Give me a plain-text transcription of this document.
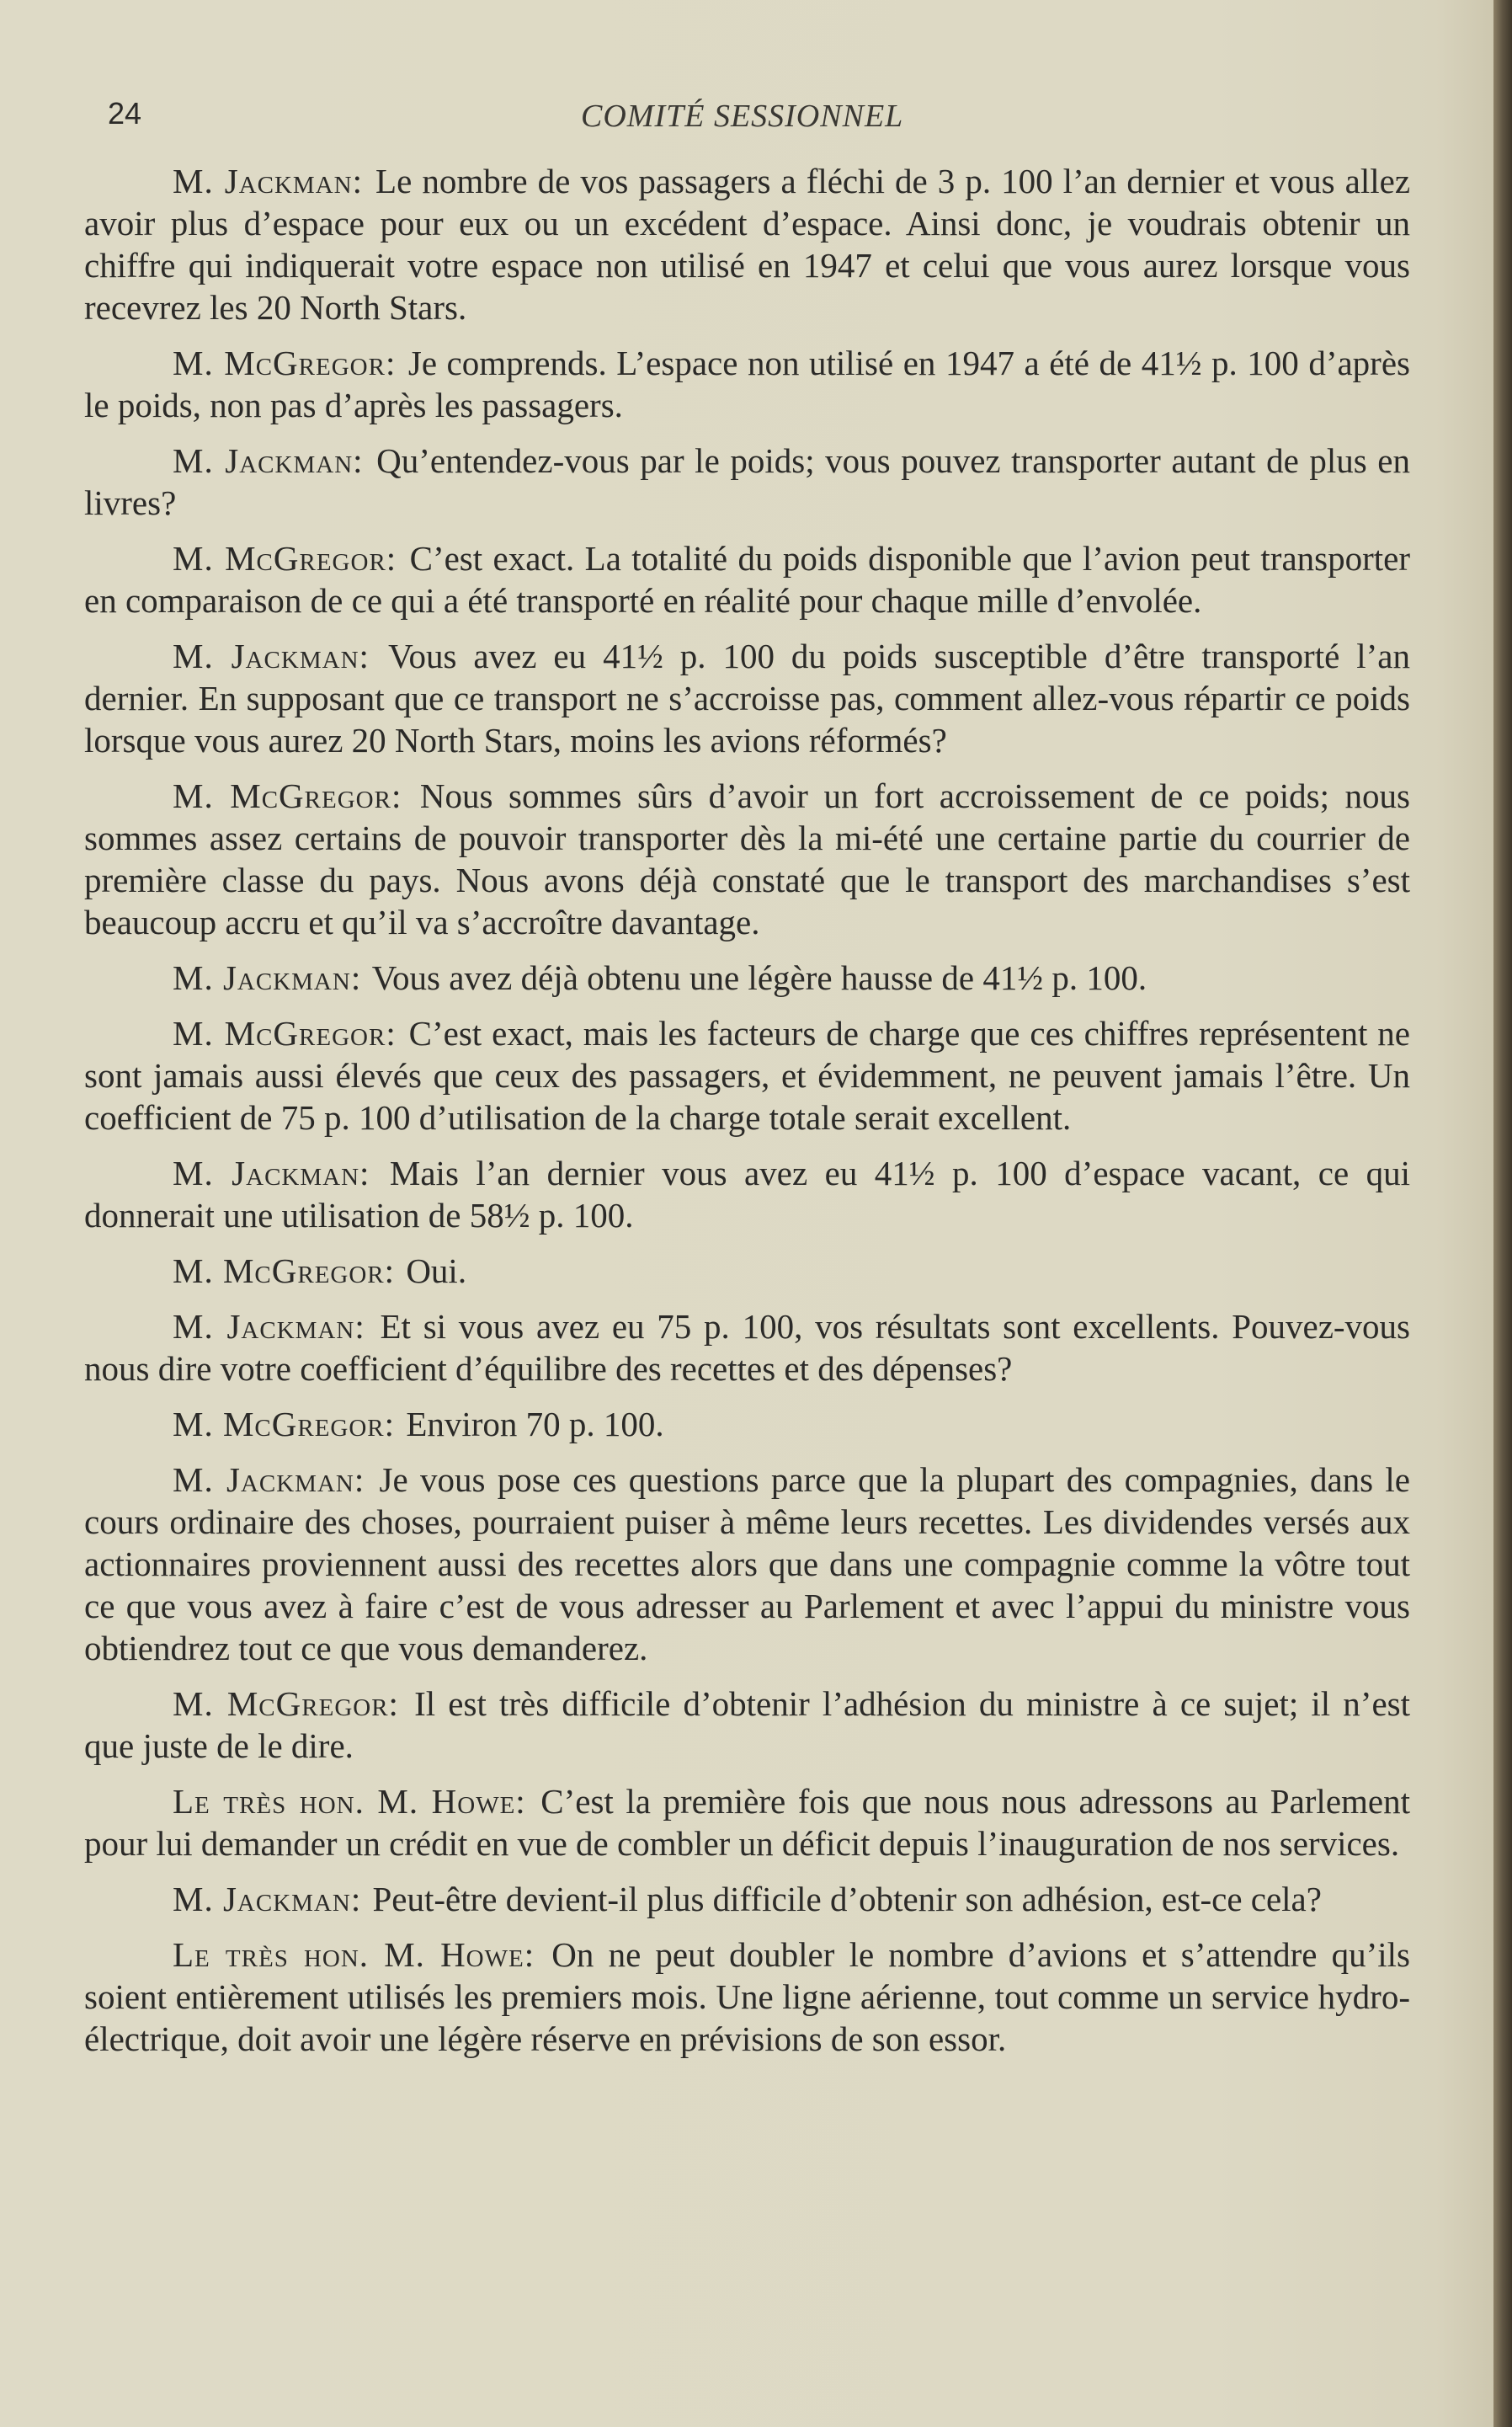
24	COMITÉ SESSIONNEL

M. Jackman: Le nombre de vos passagers a fléchi de 3 p. 100 l’an dernier et vous allez avoir plus d’espace pour eux ou un excédent d’espace. Ainsi donc, je voudrais obtenir un chiffre qui indiquerait votre espace non utilisé en 1947 et celui que vous aurez lorsque vous recevrez les 20 North Stars.

M. McGregor: Je comprends. L’espace non utilisé en 1947 a été de 41½ p. 100 d’après le poids, non pas d’après les passagers.

M. Jackman: Qu’entendez-vous par le poids; vous pouvez transporter autant de plus en livres?

M. McGregor: C’est exact. La totalité du poids disponible que l’avion peut transporter en comparaison de ce qui a été transporté en réalité pour chaque mille d’envolée.

M. Jackman: Vous avez eu 41½ p. 100 du poids susceptible d’être transporté l’an dernier. En supposant que ce transport ne s’accroisse pas, comment allez-vous répartir ce poids lorsque vous aurez 20 North Stars, moins les avions réformés?

M. McGregor: Nous sommes sûrs d’avoir un fort accroissement de ce poids; nous sommes assez certains de pouvoir transporter dès la mi-été une certaine partie du courrier de première classe du pays. Nous avons déjà constaté que le transport des marchandises s’est beaucoup accru et qu’il va s’accroître davantage.

M. Jackman: Vous avez déjà obtenu une légère hausse de 41½ p. 100.

M. McGregor: C’est exact, mais les facteurs de charge que ces chiffres représentent ne sont jamais aussi élevés que ceux des passagers, et évidemment, ne peuvent jamais l’être. Un coefficient de 75 p. 100 d’utilisation de la charge totale serait excellent.

M. Jackman: Mais l’an dernier vous avez eu 41½ p. 100 d’espace vacant, ce qui donnerait une utilisation de 58½ p. 100.

M. McGregor: Oui.

M. Jackman: Et si vous avez eu 75 p. 100, vos résultats sont excellents. Pouvez-vous nous dire votre coefficient d’équilibre des recettes et des dépenses?

M. McGregor: Environ 70 p. 100.

M. Jackman: Je vous pose ces questions parce que la plupart des compagnies, dans le cours ordinaire des choses, pourraient puiser à même leurs recettes. Les dividendes versés aux actionnaires proviennent aussi des recettes alors que dans une compagnie comme la vôtre tout ce que vous avez à faire c’est de vous adresser au Parlement et avec l’appui du ministre vous obtiendrez tout ce que vous demanderez.

M. McGregor: Il est très difficile d’obtenir l’adhésion du ministre à ce sujet; il n’est que juste de le dire.

Le très hon. M. Howe: C’est la première fois que nous nous adressons au Parlement pour lui demander un crédit en vue de combler un déficit depuis l’inauguration de nos services.

M. Jackman: Peut-être devient-il plus difficile d’obtenir son adhésion, est-ce cela?

Le très hon. M. Howe: On ne peut doubler le nombre d’avions et s’attendre qu’ils soient entièrement utilisés les premiers mois. Une ligne aérienne, tout comme un service hydro-électrique, doit avoir une légère réserve en prévisions de son essor.
